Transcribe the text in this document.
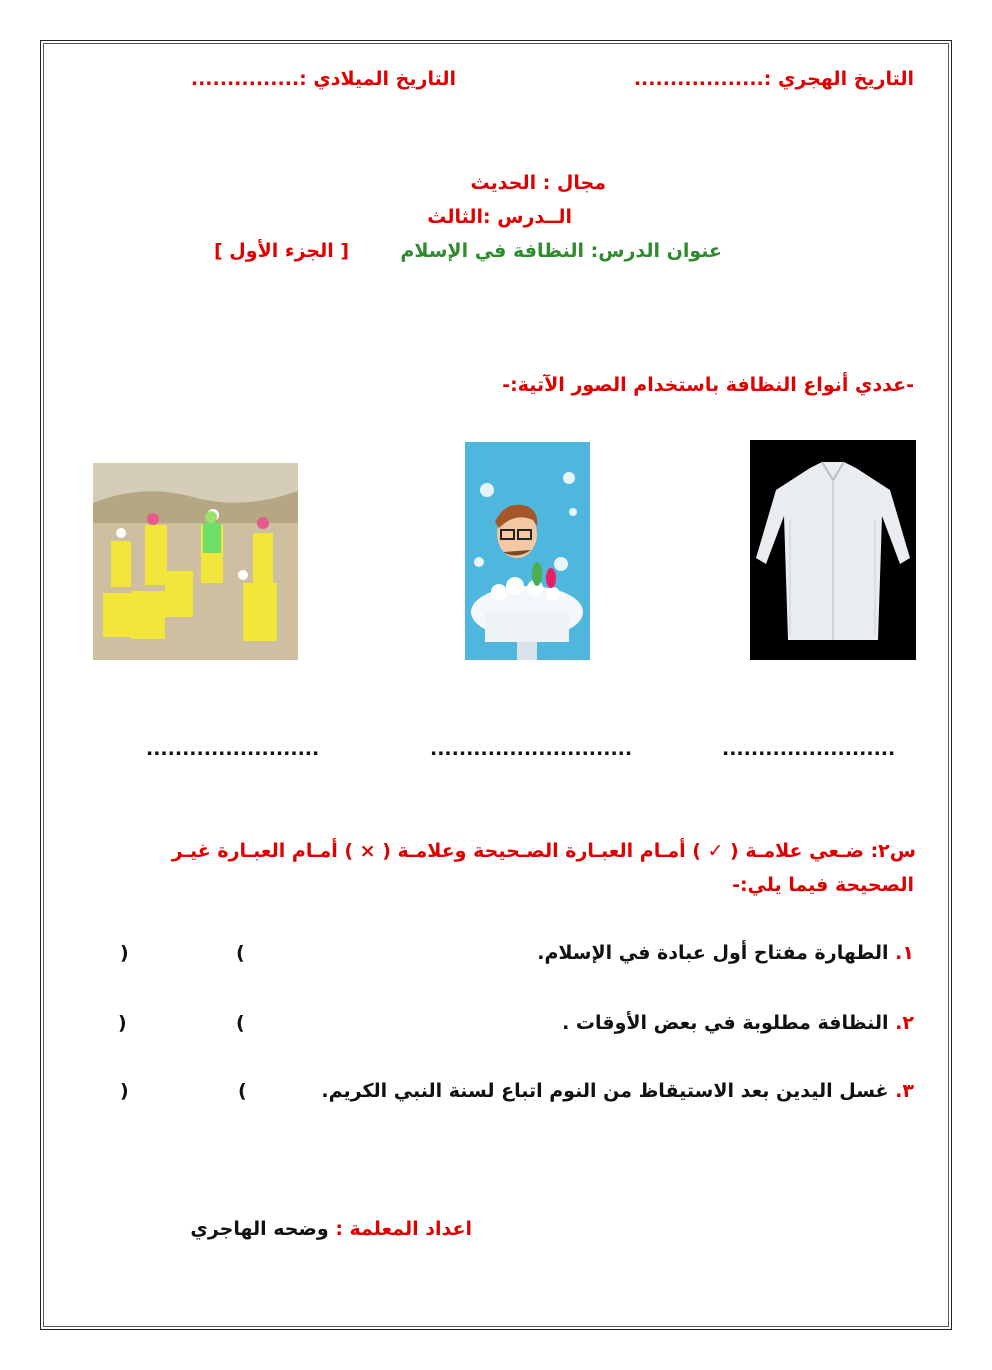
التاريخ الهجري :..................
التاريخ الميلادي :...............
مجال : الحديث
الــدرس :الثالث
عنوان الدرس: النظافة في الإسلام
[ الجزء الأول ]
-عددي أنواع النظافة باستخدام الصور الآتية:-
........................
............................
........................
س٢: ضـعي علامـة ( ✓ ) أمـام العبـارة الصـحيحة وعلامـة ( × ) أمـام العبـارة غيـر
الصحيحة فيما يلي:-
١. الطهارة مفتاح أول عبادة في الإسلام.
(
)
٢. النظافة مطلوبة في بعض الأوقات .
(
)
٣. غسل اليدين بعد الاستيقاظ من النوم اتباع لسنة النبي الكريم.
(
)
اعداد المعلمة : وضحه الهاجري
